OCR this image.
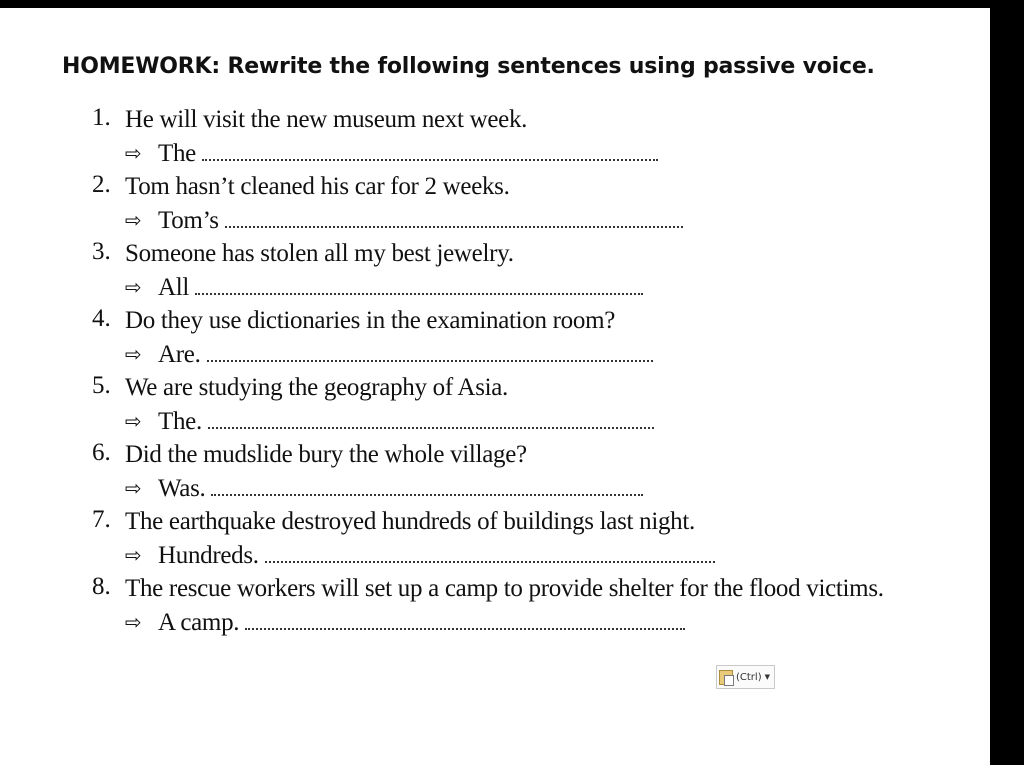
HOMEWORK: Rewrite the following sentences using passive voice.
1. He will visit the new museum next week.
⇨ The
2. Tom hasn’t cleaned his car for 2 weeks.
⇨ Tom’s
3. Someone has stolen all my best jewelry.
⇨ All
4. Do they use dictionaries in the examination room?
⇨ Are.
5. We are studying the geography of Asia.
⇨ The.
6. Did the mudslide bury the whole village?
⇨ Was.
7. The earthquake destroyed hundreds of buildings last night.
⇨ Hundreds.
8. The rescue workers will set up a camp to provide shelter for the flood victims.
⇨ A camp.
(Ctrl) ▼
